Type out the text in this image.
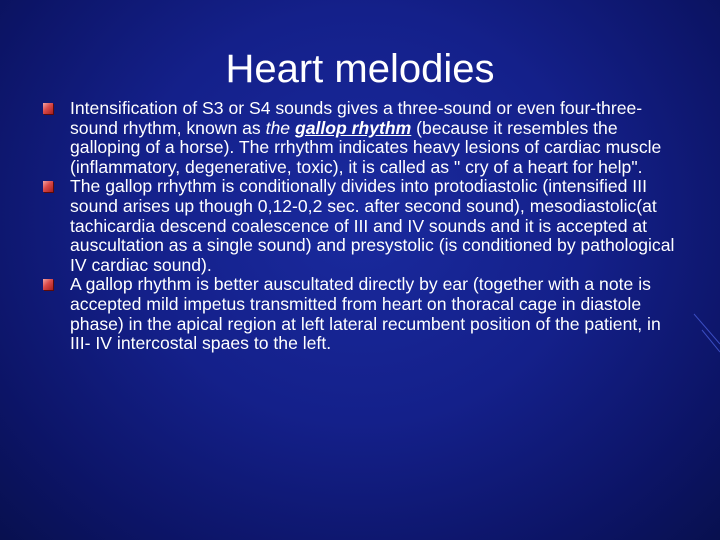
Heart melodies
Intensification of S3 or S4 sounds gives a three-sound or even four-three-sound rhythm, known as the gallop rhythm (because it resembles the galloping of a horse). The rrhythm indicates heavy lesions of cardiac muscle (inflammatory, degenerative, toxic), it is called as " cry of a heart for help".
The gallop rrhythm is conditionally divides into protodiastolic (intensified III sound arises up though 0,12-0,2 sec. after second sound), mesodiastolic(at tachicardia descend coalescence of III and IV sounds and it is accepted at auscultation as a single sound) and presystolic (is conditioned by pathological IV cardiac sound).
A gallop rhythm is better auscultated directly by ear (together with a note is accepted mild impetus transmitted from heart on thoracal cage in diastole phase) in the apical region at left lateral recumbent position of the patient, in III- IV intercostal spaes to the left.
